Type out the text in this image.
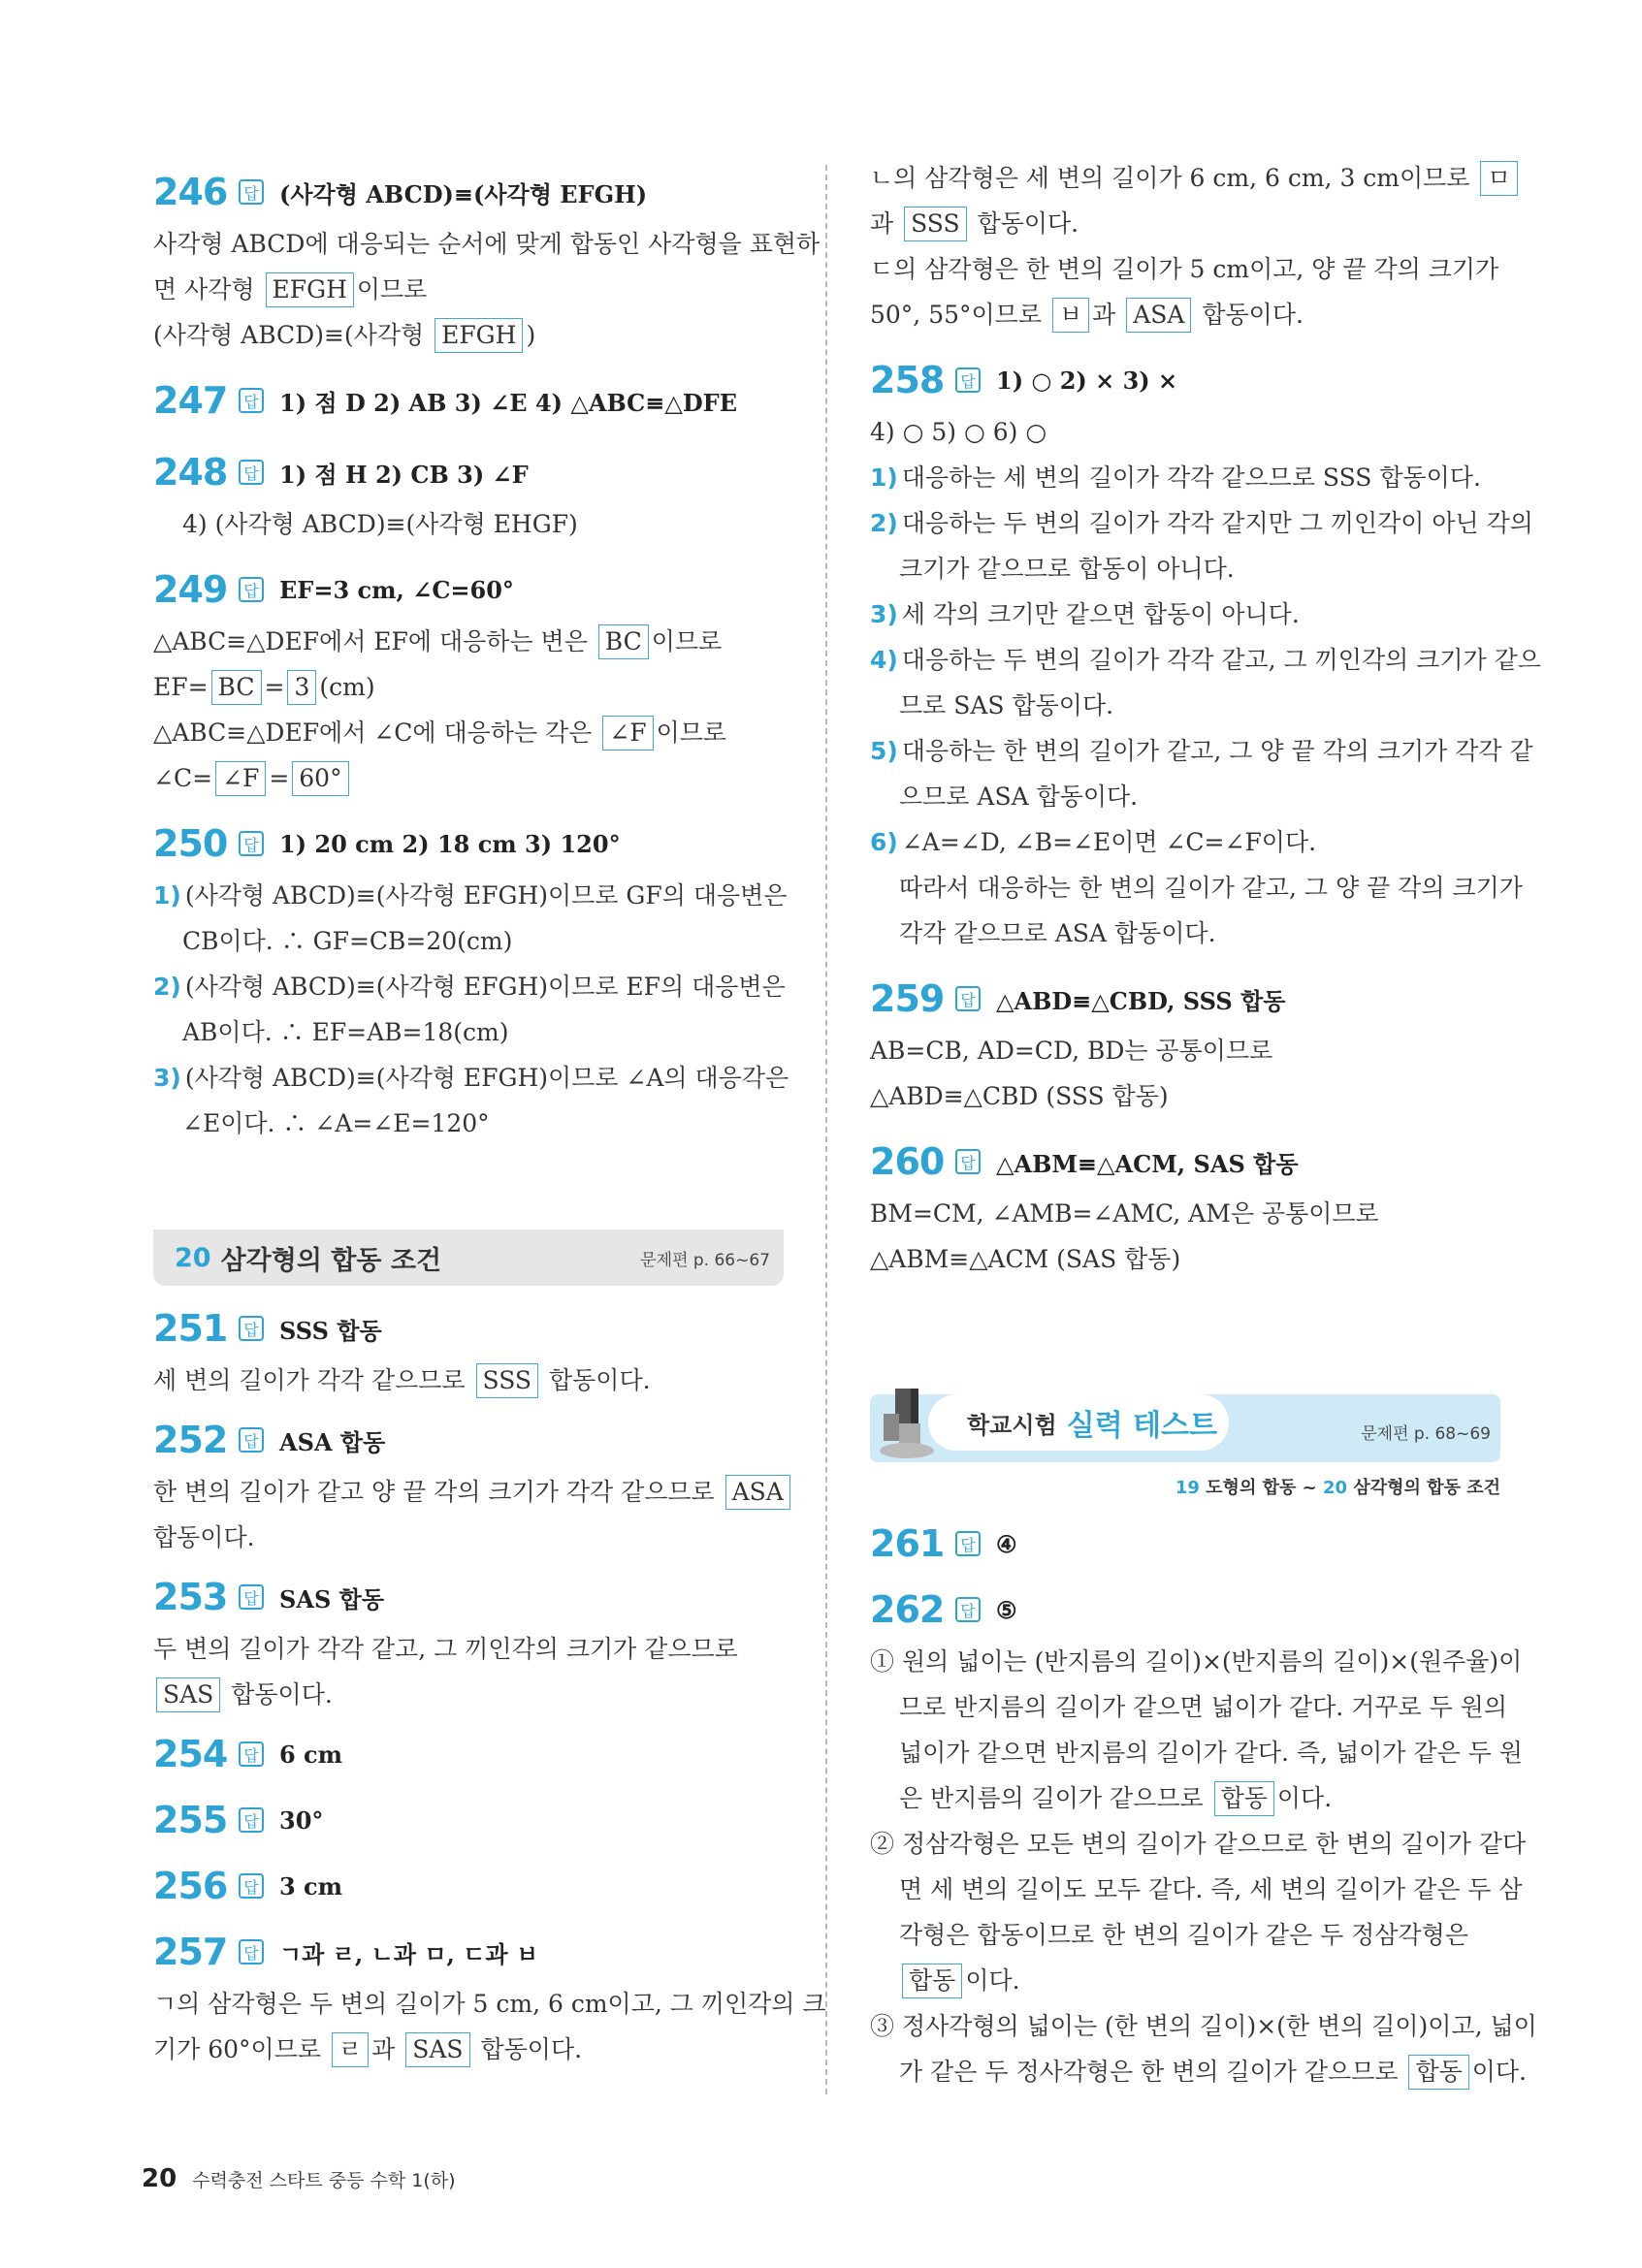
246	답 (사각형 ABCD)≡(사각형 EFGH)
사각형 ABCD에 대응되는 순서에 맞게 합동인 사각형을 표현하
면 사각형 EFGH 이므로
(사각형 ABCD)≡(사각형 EFGH )
247	답 1) 점 D 2) AB 3) ∠E 4) △ABC≡△DFE
248	답 1) 점 H 2) CB 3) ∠F
4) (사각형 ABCD)≡(사각형 EHGF)
249	답 EF=3 cm, ∠C=60°
△ABC≡△DEF에서 EF에 대응하는 변은 BC 이므로
EF= BC = 3 (cm)
△ABC≡△DEF에서 ∠C에 대응하는 각은 ∠F 이므로
∠C= ∠F = 60°
250	답 1) 20 cm 2) 18 cm 3) 120°
1) (사각형 ABCD)≡(사각형 EFGH)이므로 GF의 대응변은
CB이다. ∴ GF=CB=20(cm)
2) (사각형 ABCD)≡(사각형 EFGH)이므로 EF의 대응변은
AB이다. ∴ EF=AB=18(cm)
3) (사각형 ABCD)≡(사각형 EFGH)이므로 ∠A의 대응각은
∠E이다. ∴ ∠A=∠E=120°
20 삼각형의 합동 조건	문제편 p. 66~67
251	답 SSS 합동
세 변의 길이가 각각 같으므로 SSS 합동이다.
252	답 ASA 합동
한 변의 길이가 같고 양 끝 각의 크기가 각각 같으므로 ASA
합동이다.
253	답 SAS 합동
두 변의 길이가 각각 같고, 그 끼인각의 크기가 같으므로
SAS 합동이다.
254	답 6 cm
255	답 30°
256	답 3 cm
257	답 ㄱ과 ㄹ, ㄴ과 ㅁ, ㄷ과 ㅂ
ㄱ의 삼각형은 두 변의 길이가 5 cm, 6 cm이고, 그 끼인각의 크
기가 60°이므로 ㄹ 과 SAS 합동이다.
ㄴ의 삼각형은 세 변의 길이가 6 cm, 6 cm, 3 cm이므로 ㅁ
과 SSS 합동이다.
ㄷ의 삼각형은 한 변의 길이가 5 cm이고, 양 끝 각의 크기가
50°, 55°이므로 ㅂ 과 ASA 합동이다.
258	답 1) ○ 2) × 3) ×
4) ○ 5) ○ 6) ○
1) 대응하는 세 변의 길이가 각각 같으므로 SSS 합동이다.
2) 대응하는 두 변의 길이가 각각 같지만 그 끼인각이 아닌 각의
크기가 같으므로 합동이 아니다.
3) 세 각의 크기만 같으면 합동이 아니다.
4) 대응하는 두 변의 길이가 각각 같고, 그 끼인각의 크기가 같으
므로 SAS 합동이다.
5) 대응하는 한 변의 길이가 같고, 그 양 끝 각의 크기가 각각 같
으므로 ASA 합동이다.
6) ∠A=∠D, ∠B=∠E이면 ∠C=∠F이다.
따라서 대응하는 한 변의 길이가 같고, 그 양 끝 각의 크기가
각각 같으므로 ASA 합동이다.
259	답 △ABD≡△CBD, SSS 합동
AB=CB, AD=CD, BD는 공통이므로
△ABD≡△CBD (SSS 합동)
260	답 △ABM≡△ACM, SAS 합동
BM=CM, ∠AMB=∠AMC, AM은 공통이므로
△ABM≡△ACM (SAS 합동)
학교시험 실력 테스트	문제편 p. 68~69
19 도형의 합동 ~ 20 삼각형의 합동 조건
261	답 ④
262	답 ⑤
① 원의 넓이는 (반지름의 길이)×(반지름의 길이)×(원주율)이
므로 반지름의 길이가 같으면 넓이가 같다. 거꾸로 두 원의
넓이가 같으면 반지름의 길이가 같다. 즉, 넓이가 같은 두 원
은 반지름의 길이가 같으므로 합동 이다.
② 정삼각형은 모든 변의 길이가 같으므로 한 변의 길이가 같다
면 세 변의 길이도 모두 같다. 즉, 세 변의 길이가 같은 두 삼
각형은 합동이므로 한 변의 길이가 같은 두 정삼각형은
합동 이다.
③ 정사각형의 넓이는 (한 변의 길이)×(한 변의 길이)이고, 넓이
가 같은 두 정사각형은 한 변의 길이가 같으므로 합동 이다.
20 수력충전 스타트 중등 수학 1(하)
